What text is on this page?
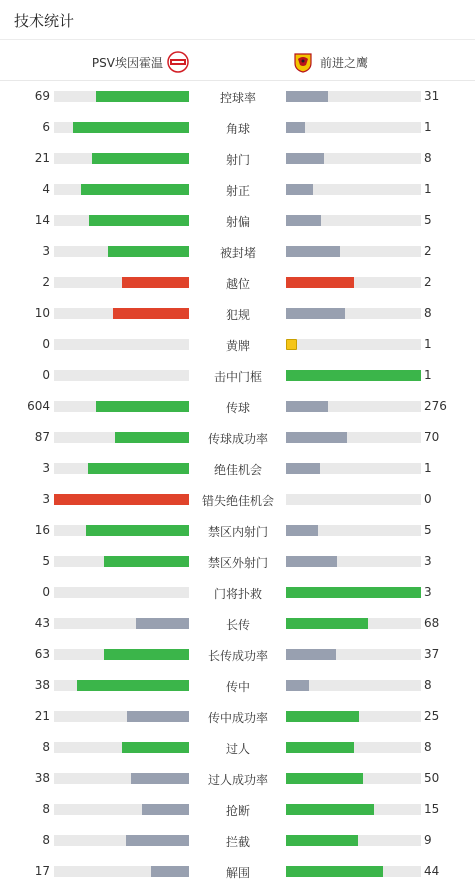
技术统计
PSV埃因霍温	前进之鹰
69	控球率	31
6	角球	1
21	射门	8
4	射正	1
14	射偏	5
3	被封堵	2
2	越位	2
10	犯规	8
0	黄牌	1
0	击中门框	1
604	传球	276
87	传球成功率	70
3	绝佳机会	1
3	错失绝佳机会	0
16	禁区内射门	5
5	禁区外射门	3
0	门将扑救	3
43	长传	68
63	长传成功率	37
38	传中	8
21	传中成功率	25
8	过人	8
38	过人成功率	50
8	抢断	15
8	拦截	9
17	解围	44
